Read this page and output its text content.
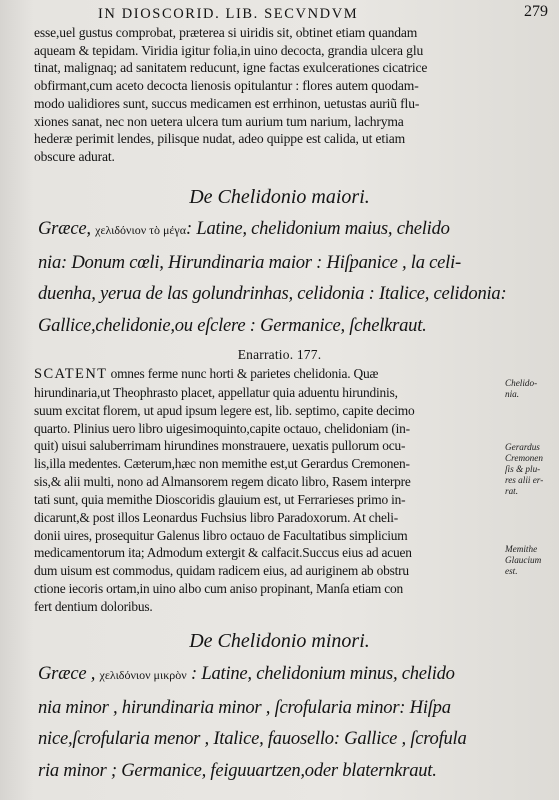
IN DIOSCORID. LIB. SECVNDVM	279
esse,uel gustus comprobat, præterea si uiridis sit, obtinet etiam quandam
aqueam & tepidam. Viridia igitur folia,in uino decocta, grandia ulcera glu
tinat, malignaq; ad sanitatem reducunt, igne factas exulcerationes cicatrice
obfirmant,cum aceto decocta lienosis opitulantur : flores autem quodam-
modo ualidiores sunt, succus medicamen est errhinon, uetustas auriũ flu-
xiones sanat, nec non uetera ulcera tum aurium tum narium, lachryma
hederæ perimit lendes, pilisque nudat, adeo quippe est calida, ut etiam
obscure adurat.
De Chelidonio maiori.
Græce, χελιδόνιον τὸ μέγα: Latine, chelidonium maius, chelido
nia: Donum cœli, Hirundinaria maior : Hiſpanice , la celi-
duenha, yerua de las golundrinhas, celidonia : Italice, celidonia:
Gallice,chelidonie,ou eſclere : Germanice, ſchelkraut.
Enarratio. 177.
SCATENT omnes ferme nunc horti & parietes chelidonia. Quæ
hirundinaria,ut Theophrasto placet, appellatur quia aduentu hirundinis,
suum excitat florem, ut apud ipsum legere est, lib. septimo, capite decimo
quarto. Plinius uero libro uigesimoquinto,capite octauo, chelidoniam (in-
quit) uisui saluberrimam hirundines monstrauere, uexatis pullorum ocu-
lis,illa medentes. Cæterum,hæc non memithe est,ut Gerardus Cremonen-
sis,& alii multi, nono ad Almansorem regem dicato libro, Rasem interpre
tati sunt, quia memithe Dioscoridis glauium est, ut Ferrarieses primo in-
dicarunt,& post illos Leonardus Fuchsius libro Paradoxorum. At cheli-
donii uires, prosequitur Galenus libro octauo de Facultatibus simplicium
medicamentorum ita; Admodum extergit & calfacit.Succus eius ad acuen
dum uisum est commodus, quidam radicem eius, ad auriginem ab obstru
ctione iecoris ortam,in uino albo cum aniso propinant, Manſa etiam con
fert dentium doloribus.
Chelido-
nia.
Gerardus
Cremonen
ſis & plu-
res alii er-
rat.
Memithe
Glaucium
est.
De Chelidonio minori.
Græce , χελιδόνιον μικρὸν : Latine, chelidonium minus, chelido
nia minor , hirundinaria minor , ſcrofularia minor: Hiſpa
nice,ſcrofularia menor , Italice, fauosello: Gallice , ſcrofula
ria minor ; Germanice, feiguuartzen,oder blaternkraut.
